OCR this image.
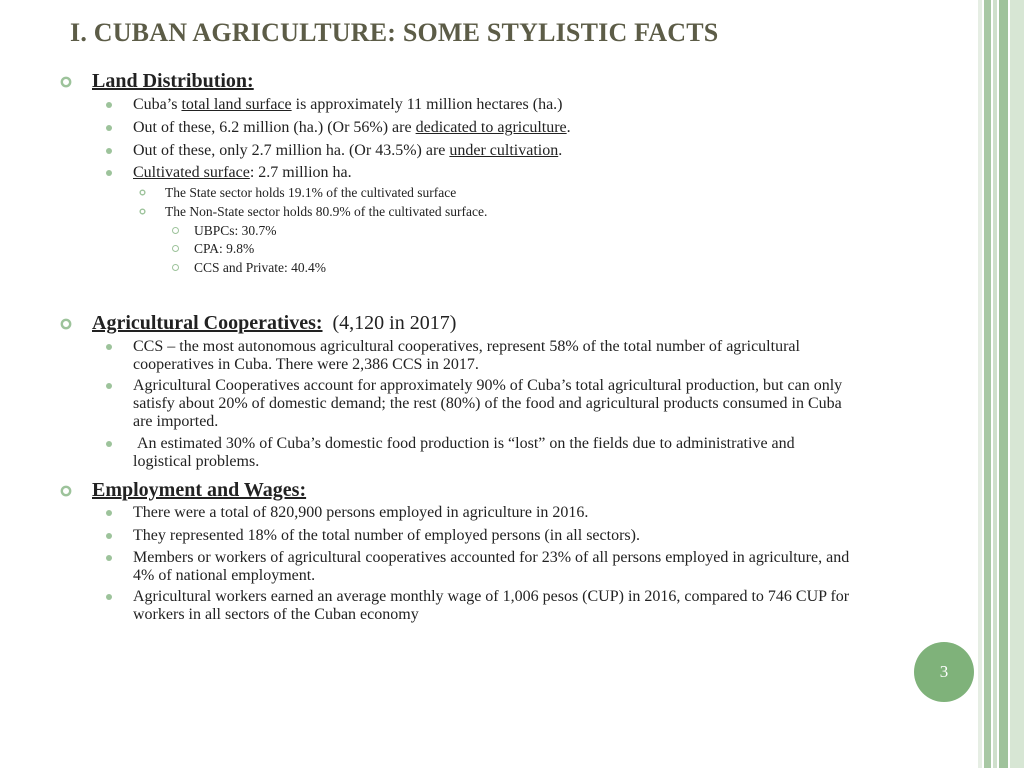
I. CUBAN AGRICULTURE: SOME STYLISTIC FACTS
Land Distribution:
Cuba’s total land surface is approximately 11 million hectares (ha.)
Out of these, 6.2 million (ha.) (Or 56%) are dedicated to agriculture.
Out of these, only 2.7 million ha. (Or 43.5%) are under cultivation.
Cultivated surface: 2.7 million ha.
The State sector holds 19.1% of the cultivated surface
The Non-State sector holds 80.9% of the cultivated surface.
UBPCs: 30.7%
CPA: 9.8%
CCS and Private: 40.4%
Agricultural Cooperatives: (4,120 in 2017)
CCS – the most autonomous agricultural cooperatives, represent 58% of the total number of agricultural cooperatives in Cuba. There were 2,386 CCS in 2017.
Agricultural Cooperatives account for approximately 90% of Cuba’s total agricultural production, but can only satisfy about 20% of domestic demand; the rest (80%) of the food and agricultural products consumed in Cuba are imported.
An estimated 30% of Cuba’s domestic food production is “lost” on the fields due to administrative and logistical problems.
Employment and Wages:
There were a total of 820,900 persons employed in agriculture in 2016.
They represented 18% of the total number of employed persons (in all sectors).
Members or workers of agricultural cooperatives accounted for 23% of all persons employed in agriculture, and 4% of national employment.
Agricultural workers earned an average monthly wage of 1,006 pesos (CUP) in 2016, compared to 746 CUP for workers in all sectors of the Cuban economy
3
